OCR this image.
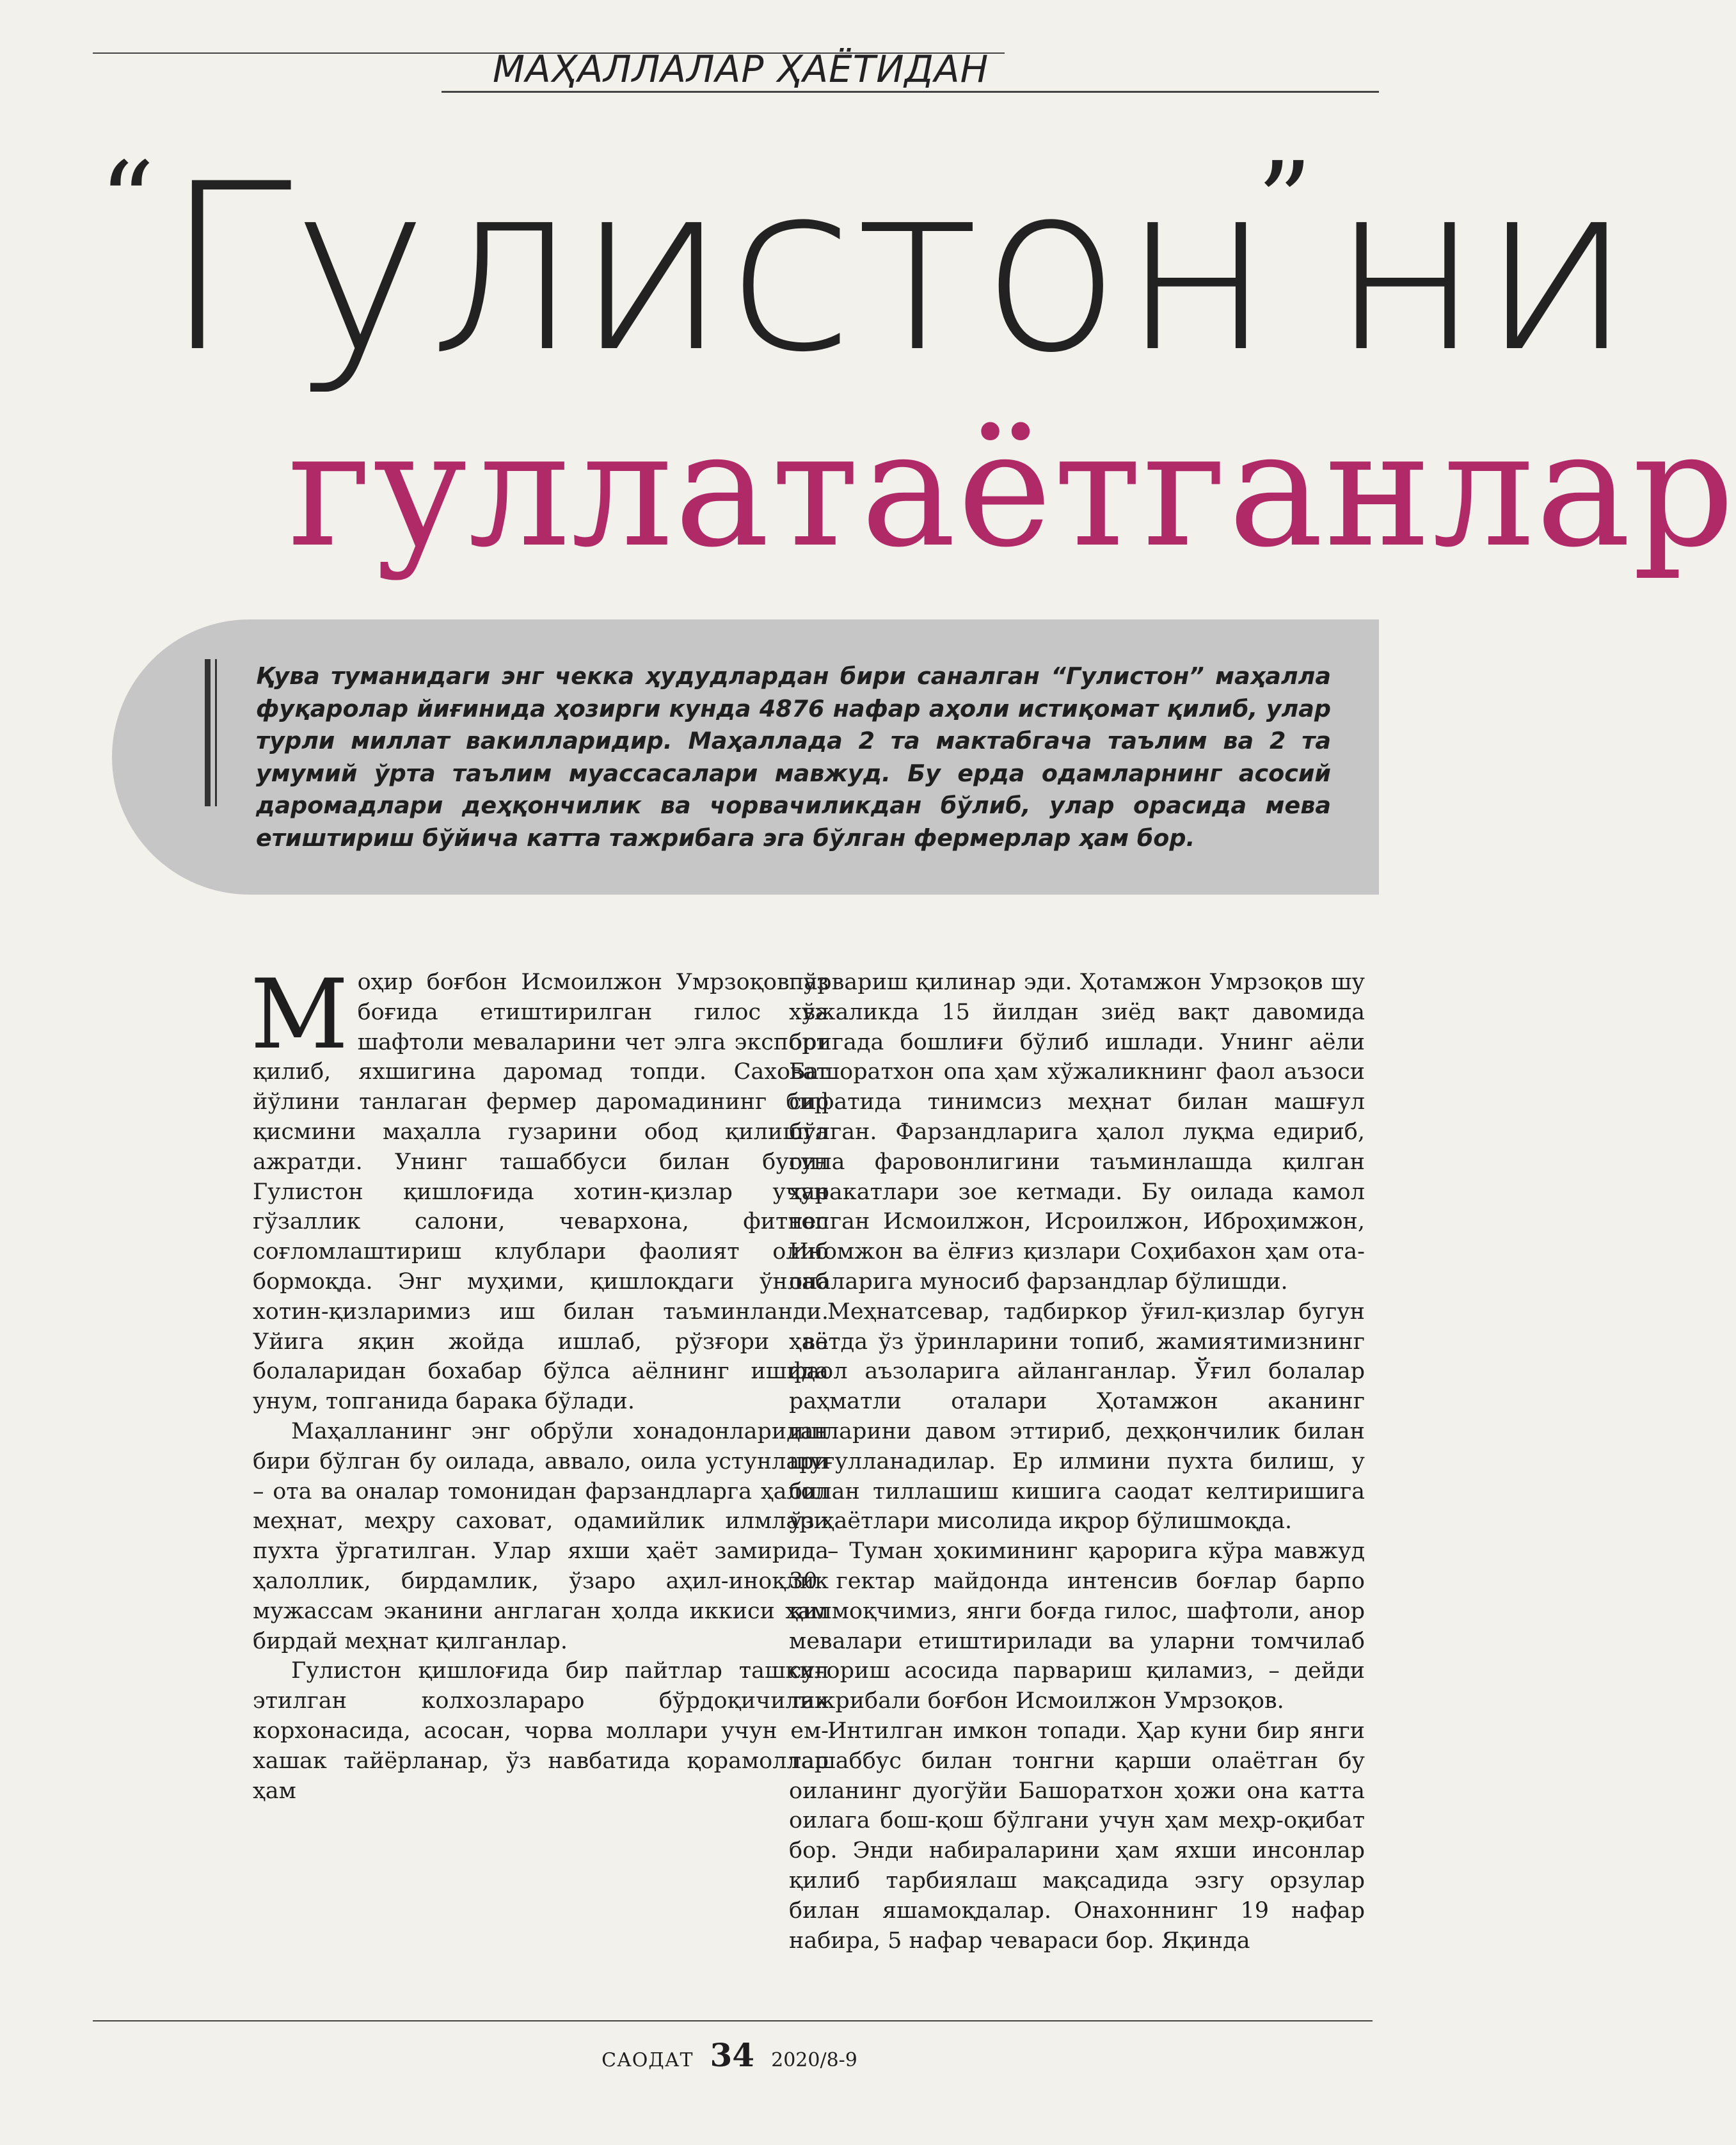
МАҲАЛЛАЛАР ҲАЁТИДАН
“Гулистон”ни
гуллатаётганлар

Қува туманидаги энг чекка ҳудудлардан бири саналган “Гулистон” маҳалла фуқаролар йиғинида ҳозирги кунда 4876 нафар аҳоли истиқомат қилиб, улар турли миллат вакилларидир. Маҳаллада 2 та мактабгача таълим ва 2 та умумий ўрта таълим муассасалари мавжуд. Бу ерда одамларнинг асосий даромадлари деҳқончилик ва чорвачиликдан бўлиб, улар орасида мева етиштириш бўйича катта тажрибага эга бўлган фермерлар ҳам бор.

Моҳир боғбон Исмоилжон Умрзоқов ўз боғида етиштирилган гилос ва шафтоли меваларини чет элга экспорт қилиб, яхшигина даромад топди. Саховат йўлини танлаган фермер даромадининг бир қисмини маҳалла гузарини обод қилишга ажратди. Унинг ташаббуси билан бугун Гулистон қишлоғида хотин-қизлар учун гўзаллик салони, чевархона, фитнес соғломлаштириш клублари фаолият олиб бормоқда. Энг муҳими, қишлоқдаги ўнлаб хотин-қизларимиз иш билан таъминланди. Уйига яқин жойда ишлаб, рўзғори ва болаларидан бохабар бўлса аёлнинг ишида унум, топганида барака бўлади.

Маҳалланинг энг обрўли хонадонларидан бири бўлган бу оилада, аввало, оила устунлари – ота ва оналар томонидан фарзандларга ҳалол меҳнат, меҳру саховат, одамийлик илмлари пухта ўргатилган. Улар яхши ҳаёт замирида ҳалоллик, бирдамлик, ўзаро аҳил-иноқлик мужассам эканини англаган ҳолда иккиси ҳам бирдай меҳнат қилганлар.

Гулистон қишлоғида бир пайтлар ташкил этилган колхозлараро бўрдоқичилик корхонасида, асосан, чорва моллари учун ем-хашак тайёрланар, ўз навбатида қорамоллар ҳам

парвариш қилинар эди. Ҳотамжон Умрзоқов шу хўжаликда 15 йилдан зиёд вақт давомида бригада бошлиғи бўлиб ишлади. Унинг аёли Башоратхон опа ҳам хўжаликнинг фаол аъзоси сифатида тинимсиз меҳнат билан машғул бўлган. Фарзандларига ҳалол луқма едириб, оила фаровонлигини таъминлашда қилган ҳаракатлари зое кетмади. Бу оилада камол топган Исмоилжон, Исроилжон, Иброҳимжон, Иномжон ва ёлғиз қизлари Соҳибахон ҳам ота-оналарига муносиб фарзандлар бўлишди.

Меҳнатсевар, тадбиркор ўғил-қизлар бугун ҳаётда ўз ўринларини топиб, жамиятимизнинг фаол аъзоларига айланганлар. Ўғил болалар раҳматли оталари Ҳотамжон аканинг ишларини давом эттириб, деҳқончилик билан шуғулланадилар. Ер илмини пухта билиш, у билан тиллашиш кишига саодат келтиришига ўз ҳаётлари мисолида иқрор бўлишмоқда.

– Туман ҳокимининг қарорига кўра мавжуд 30 гектар майдонда интенсив боғлар барпо қилмоқчимиз, янги боғда гилос, шафтоли, анор мевалари етиштирилади ва уларни томчилаб суғориш асосида парвариш қиламиз, – дейди тажрибали боғбон Исмоилжон Умрзоқов.

Интилган имкон топади. Ҳар куни бир янги ташаббус билан тонгни қарши олаётган бу оиланинг дуогўйи Башоратхон ҳожи она катта оилага бош-қош бўлгани учун ҳам меҳр-оқибат бор. Энди набираларини ҳам яхши инсонлар қилиб тарбиялаш мақсадида эзгу орзулар билан яшамоқдалар. Онахоннинг 19 нафар набира, 5 нафар чевараси бор. Яқинда

САОДАТ 34 2020/8-9
